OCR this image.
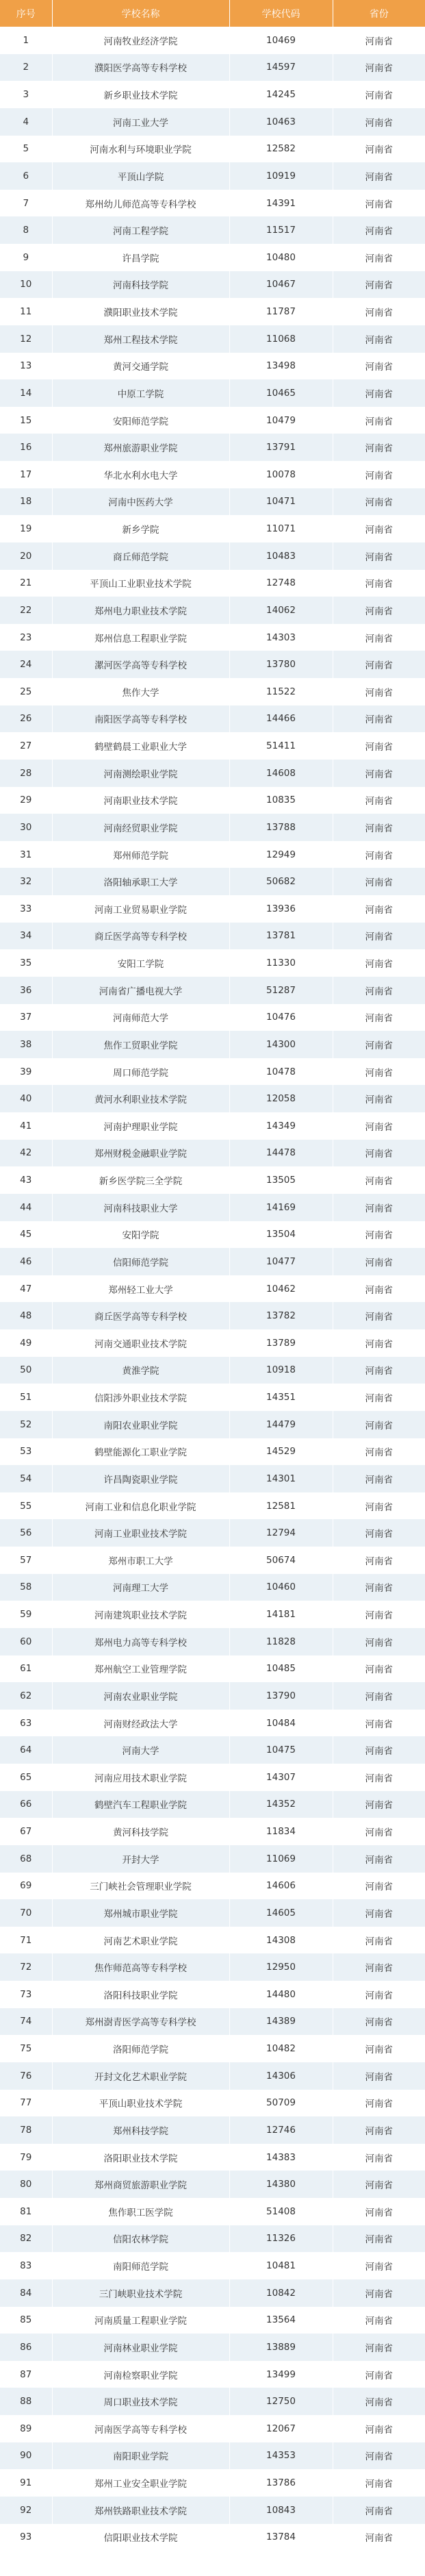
序号	学校名称	学校代码	省份
1	河南牧业经济学院	10469	河南省
2	濮阳医学高等专科学校	14597	河南省
3	新乡职业技术学院	14245	河南省
4	河南工业大学	10463	河南省
5	河南水利与环境职业学院	12582	河南省
6	平顶山学院	10919	河南省
7	郑州幼儿师范高等专科学校	14391	河南省
8	河南工程学院	11517	河南省
9	许昌学院	10480	河南省
10	河南科技学院	10467	河南省
11	濮阳职业技术学院	11787	河南省
12	郑州工程技术学院	11068	河南省
13	黄河交通学院	13498	河南省
14	中原工学院	10465	河南省
15	安阳师范学院	10479	河南省
16	郑州旅游职业学院	13791	河南省
17	华北水利水电大学	10078	河南省
18	河南中医药大学	10471	河南省
19	新乡学院	11071	河南省
20	商丘师范学院	10483	河南省
21	平顶山工业职业技术学院	12748	河南省
22	郑州电力职业技术学院	14062	河南省
23	郑州信息工程职业学院	14303	河南省
24	漯河医学高等专科学校	13780	河南省
25	焦作大学	11522	河南省
26	南阳医学高等专科学校	14466	河南省
27	鹤壁鹤晨工业职业大学	51411	河南省
28	河南测绘职业学院	14608	河南省
29	河南职业技术学院	10835	河南省
30	河南经贸职业学院	13788	河南省
31	郑州师范学院	12949	河南省
32	洛阳轴承职工大学	50682	河南省
33	河南工业贸易职业学院	13936	河南省
34	商丘医学高等专科学校	13781	河南省
35	安阳工学院	11330	河南省
36	河南省广播电视大学	51287	河南省
37	河南师范大学	10476	河南省
38	焦作工贸职业学院	14300	河南省
39	周口师范学院	10478	河南省
40	黄河水利职业技术学院	12058	河南省
41	河南护理职业学院	14349	河南省
42	郑州财税金融职业学院	14478	河南省
43	新乡医学院三全学院	13505	河南省
44	河南科技职业大学	14169	河南省
45	安阳学院	13504	河南省
46	信阳师范学院	10477	河南省
47	郑州轻工业大学	10462	河南省
48	商丘医学高等专科学校	13782	河南省
49	河南交通职业技术学院	13789	河南省
50	黄淮学院	10918	河南省
51	信阳涉外职业技术学院	14351	河南省
52	南阳农业职业学院	14479	河南省
53	鹤壁能源化工职业学院	14529	河南省
54	许昌陶瓷职业学院	14301	河南省
55	河南工业和信息化职业学院	12581	河南省
56	河南工业职业技术学院	12794	河南省
57	郑州市职工大学	50674	河南省
58	河南理工大学	10460	河南省
59	河南建筑职业技术学院	14181	河南省
60	郑州电力高等专科学校	11828	河南省
61	郑州航空工业管理学院	10485	河南省
62	河南农业职业学院	13790	河南省
63	河南财经政法大学	10484	河南省
64	河南大学	10475	河南省
65	河南应用技术职业学院	14307	河南省
66	鹤壁汽车工程职业学院	14352	河南省
67	黄河科技学院	11834	河南省
68	开封大学	11069	河南省
69	三门峡社会管理职业学院	14606	河南省
70	郑州城市职业学院	14605	河南省
71	河南艺术职业学院	14308	河南省
72	焦作师范高等专科学校	12950	河南省
73	洛阳科技职业学院	14480	河南省
74	郑州澍青医学高等专科学校	14389	河南省
75	洛阳师范学院	10482	河南省
76	开封文化艺术职业学院	14306	河南省
77	平顶山职业技术学院	50709	河南省
78	郑州科技学院	12746	河南省
79	洛阳职业技术学院	14383	河南省
80	郑州商贸旅游职业学院	14380	河南省
81	焦作职工医学院	51408	河南省
82	信阳农林学院	11326	河南省
83	南阳师范学院	10481	河南省
84	三门峡职业技术学院	10842	河南省
85	河南质量工程职业学院	13564	河南省
86	河南林业职业学院	13889	河南省
87	河南检察职业学院	13499	河南省
88	周口职业技术学院	12750	河南省
89	河南医学高等专科学校	12067	河南省
90	南阳职业学院	14353	河南省
91	郑州工业安全职业学院	13786	河南省
92	郑州铁路职业技术学院	10843	河南省
93	信阳职业技术学院	13784	河南省
